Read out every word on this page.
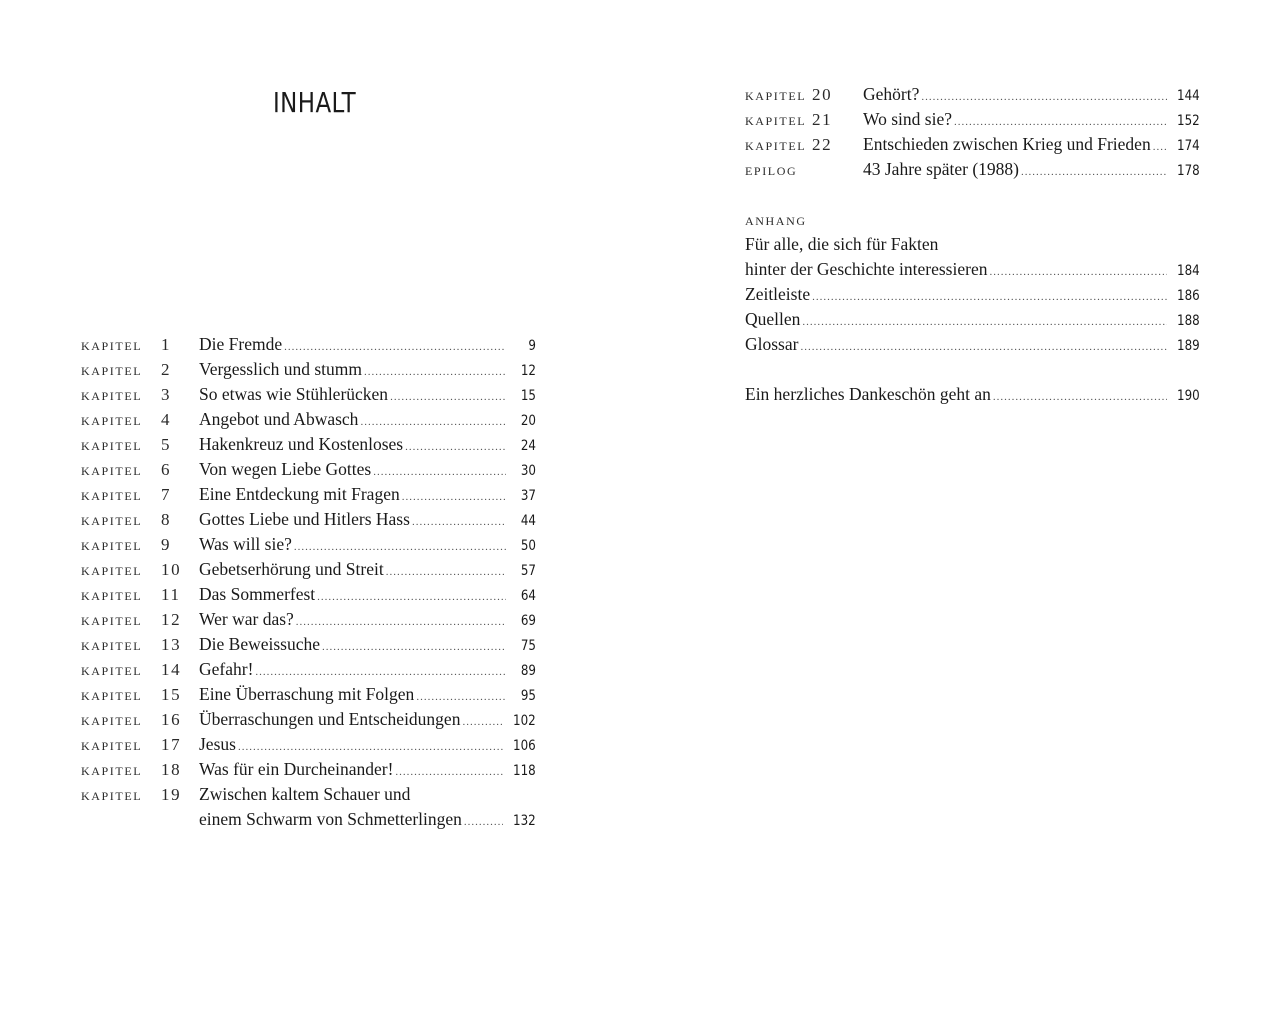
INHALT
kapitel 1	Die Fremde .....	9
kapitel 2	Vergesslich und stumm .....	12
kapitel 3	So etwas wie Stühlerücken .....	15
kapitel 4	Angebot und Abwasch .....	20
kapitel 5	Hakenkreuz und Kostenloses .....	24
kapitel 6	Von wegen Liebe Gottes .....	30
kapitel 7	Eine Entdeckung mit Fragen .....	37
kapitel 8	Gottes Liebe und Hitlers Hass .....	44
kapitel 9	Was will sie? .....	50
kapitel 10	Gebetserhörung und Streit .....	57
kapitel 11	Das Sommerfest .....	64
kapitel 12	Wer war das? .....	69
kapitel 13	Die Beweissuche .....	75
kapitel 14	Gefahr! .....	89
kapitel 15	Eine Überraschung mit Folgen .....	95
kapitel 16	Überraschungen und Entscheidungen .....	102
kapitel 17	Jesus .....	106
kapitel 18	Was für ein Durcheinander! .....	118
kapitel 19	Zwischen kaltem Schauer und
einem Schwarm von Schmetterlingen .....	132
kapitel 20	Gehört? .....	144
kapitel 21	Wo sind sie? .....	152
kapitel 22	Entschieden zwischen Krieg und Frieden ..... 174
epilog	43 Jahre später (1988) .....	178
anhang
Für alle, die sich für Fakten
hinter der Geschichte interessieren .....	184
Zeitleiste .....	186
Quellen .....	188
Glossar .....	189
Ein herzliches Dankeschön geht an .....	190
